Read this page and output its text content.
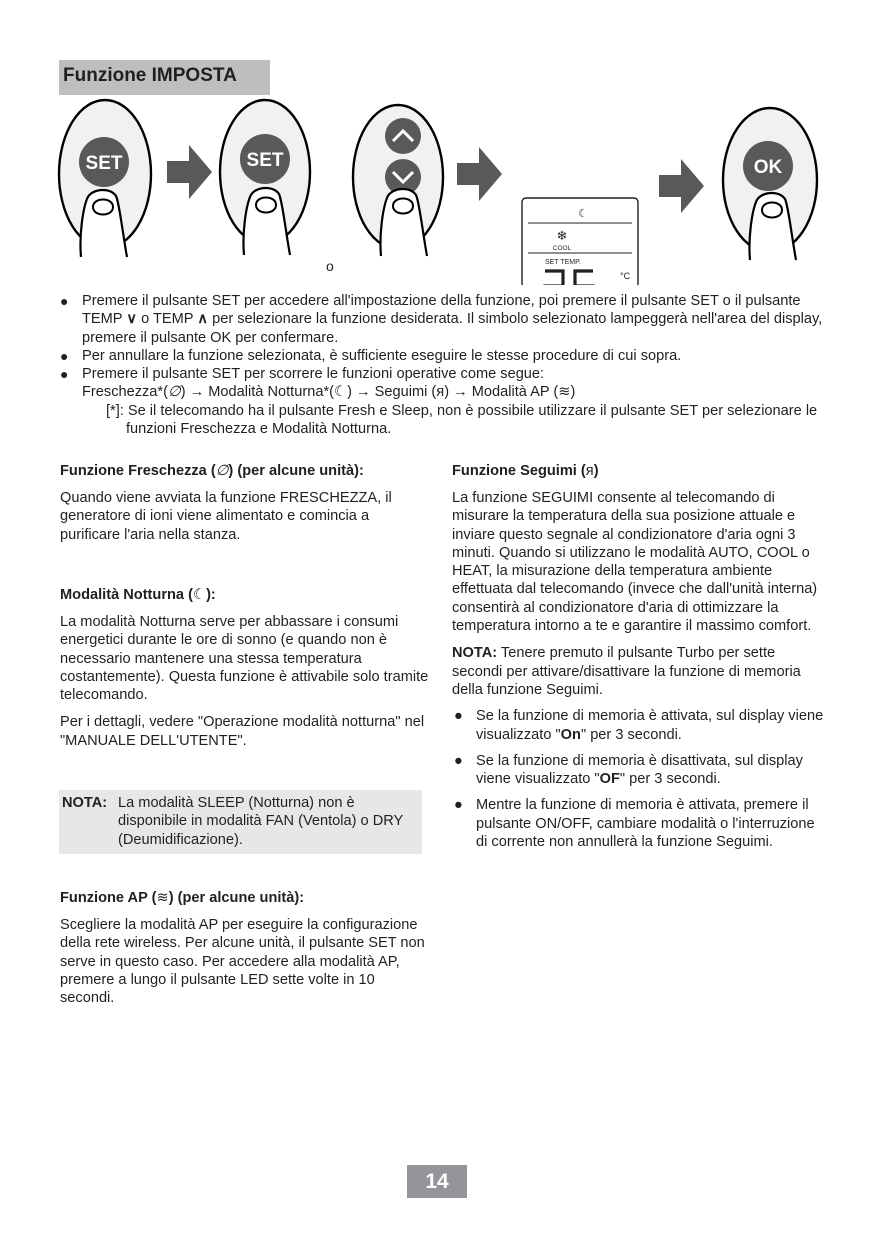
Funzione IMPOSTA
SET	SET
☾
❄
COOL
SET TEMP.
°C
OK
o
● Premere il pulsante SET per accedere all'impostazione della funzione, poi premere il pulsante SET o il pulsante TEMP ∨ o TEMP ∧ per selezionare la funzione desiderata. Il simbolo selezionato lampeggerà nell'area del display, premere il pulsante OK per confermare.
● Per annullare la funzione selezionata, è sufficiente eseguire le stesse procedure di cui sopra.
● Premere il pulsante SET per scorrere le funzioni operative come segue:
Freschezza*(∅) → Modalità Notturna*(☾) → Seguimi (ᴙ) → Modalità AP (≋)
[*]: Se il telecomando ha il pulsante Fresh e Sleep, non è possibile utilizzare il pulsante SET per selezionare le funzioni Freschezza e Modalità Notturna.
Funzione Freschezza (∅) (per alcune unità):

Quando viene avviata la funzione FRESCHEZZA, il generatore di ioni viene alimentato e comincia a purificare l'aria nella stanza.

Modalità Notturna (☾):

La modalità Notturna serve per abbassare i consumi energetici durante le ore di sonno (e quando non è necessario mantenere una stessa temperatura costantemente). Questa funzione è attivabile solo tramite telecomando.

Per i dettagli, vedere "Operazione modalità notturna" nel "MANUALE DELL'UTENTE".

NOTA: La modalità SLEEP (Notturna) non è disponibile in modalità FAN (Ventola) o DRY (Deumidificazione).
Funzione AP (≋) (per alcune unità):

Scegliere la modalità AP per eseguire la configurazione della rete wireless. Per alcune unità, il pulsante SET non serve in questo caso. Per accedere alla modalità AP, premere a lungo il pulsante LED sette volte in 10 secondi.

Funzione Seguimi (ᴙ)

La funzione SEGUIMI consente al telecomando di misurare la temperatura della sua posizione attuale e inviare questo segnale al condizionatore d'aria ogni 3 minuti. Quando si utilizzano le modalità AUTO, COOL o HEAT, la misurazione della temperatura ambiente effettuata dal telecomando (invece che dall'unità interna) consentirà al condizionatore d'aria di ottimizzare la temperatura intorno a te e garantire il massimo comfort.

NOTA: Tenere premuto il pulsante Turbo per sette secondi per attivare/disattivare la funzione di memoria della funzione Seguimi.

● Se la funzione di memoria è attivata, sul display viene visualizzato "On" per 3 secondi.
● Se la funzione di memoria è disattivata, sul display viene visualizzato "OF" per 3 secondi.
● Mentre la funzione di memoria è attivata, premere il pulsante ON/OFF, cambiare modalità o l'interruzione di corrente non annullerà la funzione Seguimi.
14
